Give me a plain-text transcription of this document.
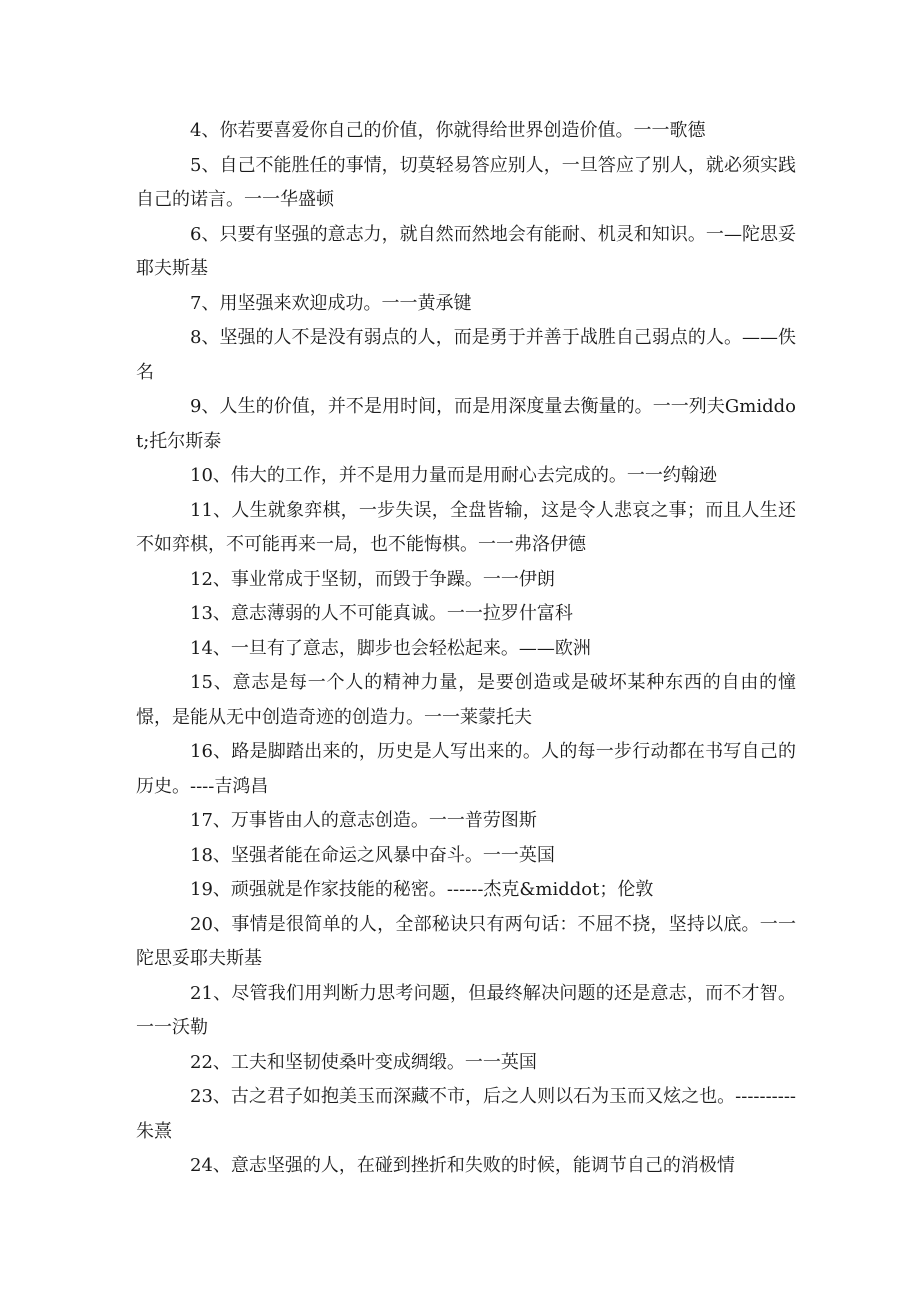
4、你若要喜爱你自己的价值，你就得给世界创造价值。一一歌德

5、自己不能胜任的事情，切莫轻易答应别人，一旦答应了别人，就必须实践自己的诺言。一一华盛顿

6、只要有坚强的意志力，就自然而然地会有能耐、机灵和知识。一—陀思妥耶夫斯基

7、用坚强来欢迎成功。一一黄承键

8、坚强的人不是没有弱点的人，而是勇于并善于战胜自己弱点的人。——佚名

9、人生的价值，并不是用时间，而是用深度量去衡量的。一一列夫Gmiddot;托尔斯泰

10、伟大的工作，并不是用力量而是用耐心去完成的。一一约翰逊

11、人生就象弈棋，一步失误，全盘皆输，这是令人悲哀之事；而且人生还不如弈棋，不可能再来一局，也不能悔棋。一一弗洛伊德

12、事业常成于坚韧，而毁于争躁。一一伊朗

13、意志薄弱的人不可能真诚。一一拉罗什富科

14、一旦有了意志，脚步也会轻松起来。——欧洲

15、意志是每一个人的精神力量，是要创造或是破坏某种东西的自由的憧憬，是能从无中创造奇迹的创造力。一一莱蒙托夫

16、路是脚踏出来的，历史是人写出来的。人的每一步行动都在书写自己的历史。----吉鸿昌

17、万事皆由人的意志创造。一一普劳图斯

18、坚强者能在命运之风暴中奋斗。一一英国

19、顽强就是作家技能的秘密。------杰克&middot；伦敦

20、事情是很简单的人，全部秘诀只有两句话：不屈不挠，坚持以底。一一陀思妥耶夫斯基

21、尽管我们用判断力思考问题，但最终解决问题的还是意志，而不才智。一一沃勒

22、工夫和坚韧使桑叶变成绸缎。一一英国

23、古之君子如抱美玉而深藏不市，后之人则以石为玉而又炫之也。----------朱熹

24、意志坚强的人，在碰到挫折和失败的时候，能调节自己的消极情
